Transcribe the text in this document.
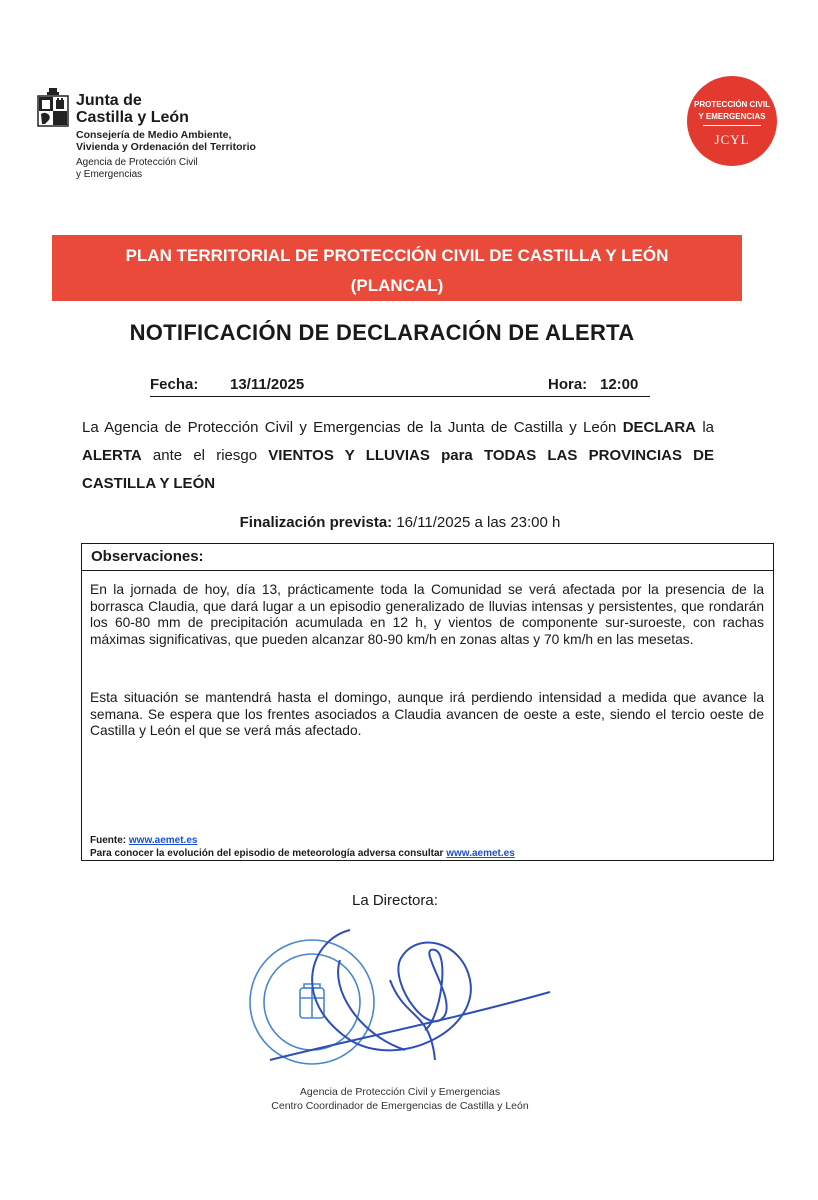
Junta de
Castilla y León
Consejería de Medio Ambiente,
Vivienda y Ordenación del Territorio
Agencia de Protección Civil
y Emergencias
PROTECCIÓN CIVIL
Y EMERGENCIAS
JCYL
PLAN TERRITORIAL DE PROTECCIÓN CIVIL DE CASTILLA Y LEÓN
(PLANCAL)
NOTIFICACIÓN DE DECLARACIÓN DE ALERTA
Fecha: 13/11/2025	Hora: 12:00
La Agencia de Protección Civil y Emergencias de la Junta de Castilla y León DECLARA la ALERTA ante el riesgo VIENTOS Y LLUVIAS para TODAS LAS PROVINCIAS DE CASTILLA Y LEÓN
Finalización prevista: 16/11/2025 a las 23:00 h
Observaciones:
En la jornada de hoy, día 13, prácticamente toda la Comunidad se verá afectada por la presencia de la borrasca Claudia, que dará lugar a un episodio generalizado de lluvias intensas y persistentes, que rondarán los 60-80 mm de precipitación acumulada en 12 h, y vientos de componente sur-suroeste, con rachas máximas significativas, que pueden alcanzar 80-90 km/h en zonas altas y 70 km/h en las mesetas.
Esta situación se mantendrá hasta el domingo, aunque irá perdiendo intensidad a medida que avance la semana. Se espera que los frentes asociados a Claudia avancen de oeste a este, siendo el tercio oeste de Castilla y León el que se verá más afectado.
Fuente: www.aemet.es
Para conocer la evolución del episodio de meteorología adversa consultar www.aemet.es
La Directora:
Agencia de Protección Civil y Emergencias
Centro Coordinador de Emergencias de Castilla y León
